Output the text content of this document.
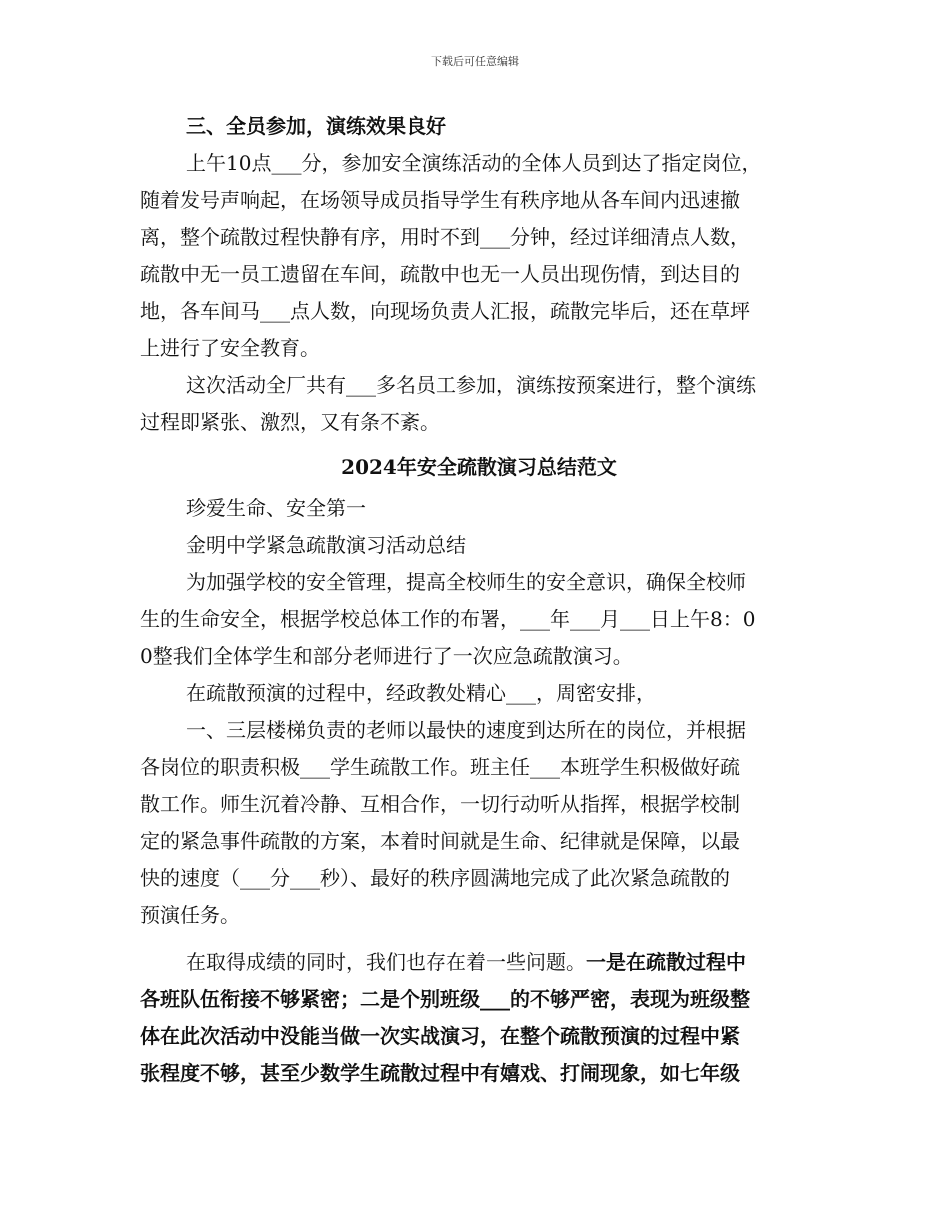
下载后可任意编辑
三、全员参加，演练效果良好
上午10点___分，参加安全演练活动的全体人员到达了指定岗位，
随着发号声响起，在场领导成员指导学生有秩序地从各车间内迅速撤
离，整个疏散过程快静有序，用时不到___分钟，经过详细清点人数，
疏散中无一员工遗留在车间，疏散中也无一人员出现伤情，到达目的
地，各车间马___点人数，向现场负责人汇报，疏散完毕后，还在草坪
上进行了安全教育。
这次活动全厂共有___多名员工参加，演练按预案进行，整个演练
过程即紧张、激烈，又有条不紊。
2024年安全疏散演习总结范文
珍爱生命、安全第一
金明中学紧急疏散演习活动总结
为加强学校的安全管理，提高全校师生的安全意识，确保全校师
生的生命安全，根据学校总体工作的布署，___年___月___日上午8：0
0整我们全体学生和部分老师进行了一次应急疏散演习。
在疏散预演的过程中，经政教处精心___，周密安排，
一、三层楼梯负责的老师以最快的速度到达所在的岗位，并根据
各岗位的职责积极___学生疏散工作。班主任___本班学生积极做好疏
散工作。师生沉着冷静、互相合作，一切行动听从指挥，根据学校制
定的紧急事件疏散的方案，本着时间就是生命、纪律就是保障，以最
快的速度（___分___秒）、最好的秩序圆满地完成了此次紧急疏散的
预演任务。
在取得成绩的同时，我们也存在着一些问题。一是在疏散过程中
各班队伍衔接不够紧密；二是个别班级___的不够严密，表现为班级整
体在此次活动中没能当做一次实战演习，在整个疏散预演的过程中紧
张程度不够，甚至少数学生疏散过程中有嬉戏、打闹现象，如七年级
